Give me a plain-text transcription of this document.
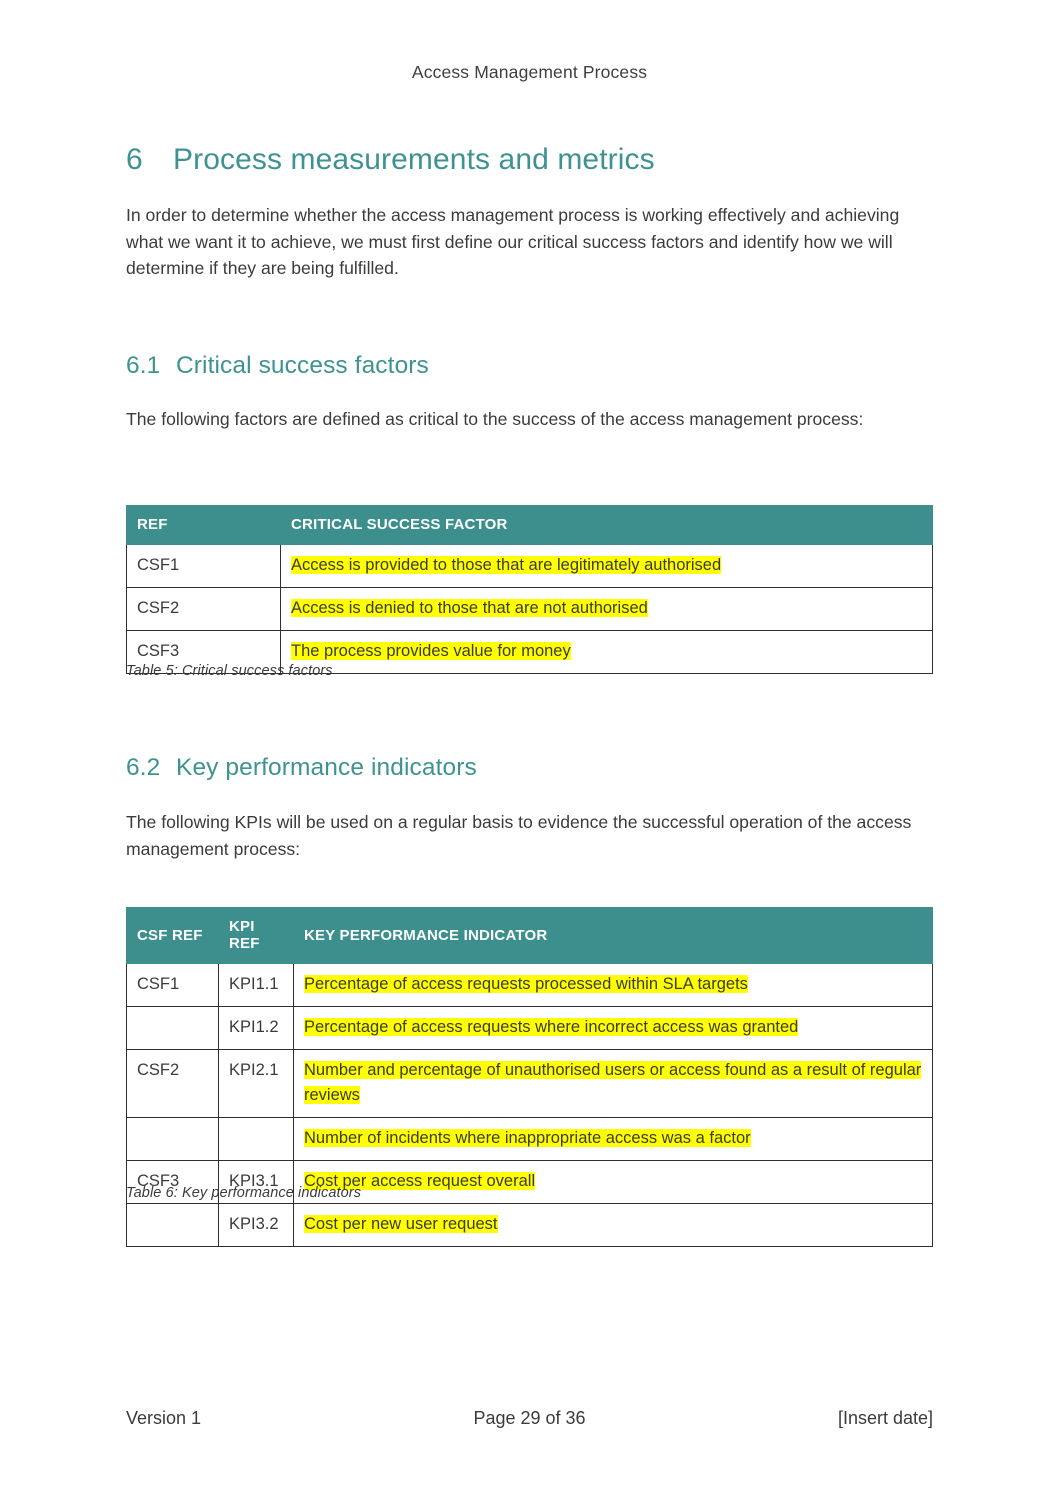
Access Management Process
6 Process measurements and metrics
In order to determine whether the access management process is working effectively and achieving what we want it to achieve, we must first define our critical success factors and identify how we will determine if they are being fulfilled.
6.1 Critical success factors
The following factors are defined as critical to the success of the access management process:
REF	CRITICAL SUCCESS FACTOR
CSF1	Access is provided to those that are legitimately authorised
CSF2	Access is denied to those that are not authorised
CSF3	The process provides value for money
Table 5: Critical success factors
6.2 Key performance indicators
The following KPIs will be used on a regular basis to evidence the successful operation of the access management process:
CSF REF	KPI REF	KEY PERFORMANCE INDICATOR
CSF1	KPI1.1	Percentage of access requests processed within SLA targets
	KPI1.2	Percentage of access requests where incorrect access was granted
CSF2	KPI2.1	Number and percentage of unauthorised users or access found as a result of regular reviews
		Number of incidents where inappropriate access was a factor
CSF3	KPI3.1	Cost per access request overall
	KPI3.2	Cost per new user request
Table 6: Key performance indicators
Version 1	Page 29 of 36	[Insert date]
